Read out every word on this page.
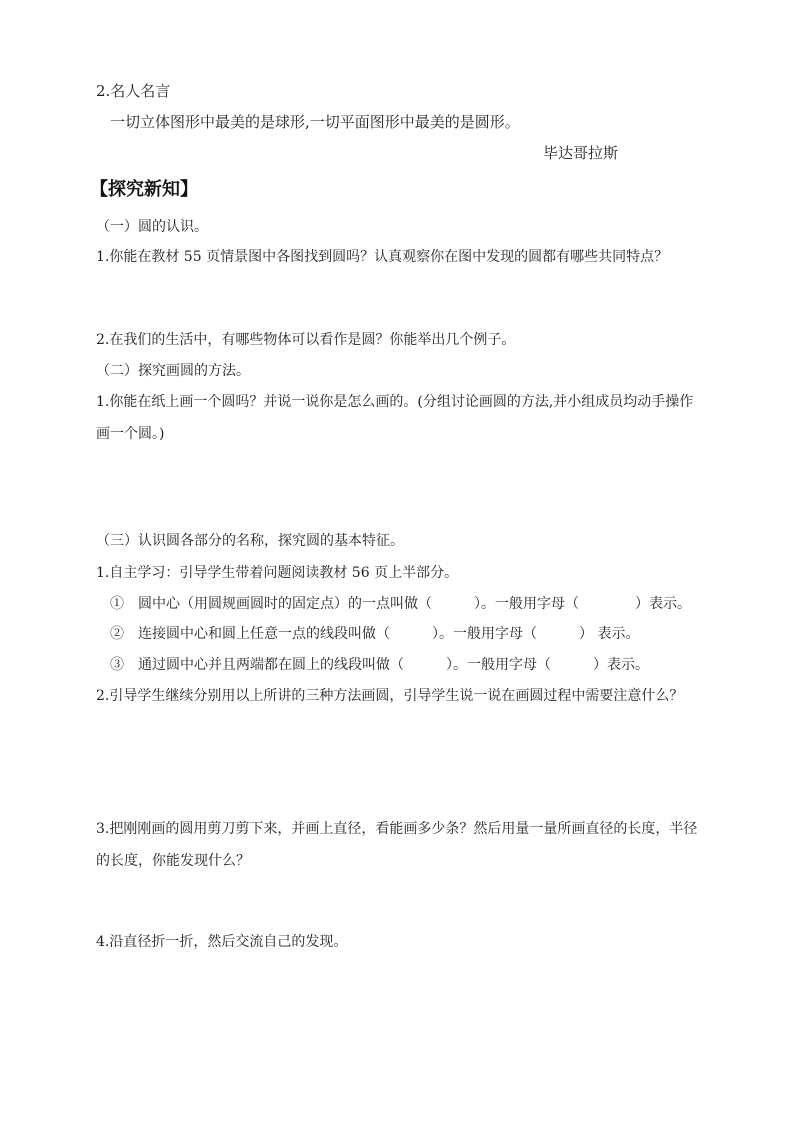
2.名人名言
一切立体图形中最美的是球形,一切平面图形中最美的是圆形。
毕达哥拉斯
【探究新知】
（一）圆的认识。
1.你能在教材 55 页情景图中各图找到圆吗？认真观察你在图中发现的圆都有哪些共同特点？
2.在我们的生活中，有哪些物体可以看作是圆？你能举出几个例子。
（二）探究画圆的方法。
1.你能在纸上画一个圆吗？并说一说你是怎么画的。(分组讨论画圆的方法,并小组成员均动手操作
画一个圆。)
（三）认识圆各部分的名称，探究圆的基本特征。
1.自主学习：引导学生带着问题阅读教材 56 页上半部分。
①　圆中心（用圆规画圆时的固定点）的一点叫做（　　　）。一般用字母（　　　　）表示。
②　连接圆中心和圆上任意一点的线段叫做（　　　）。一般用字母（　　　） 表示。
③　通过圆中心并且两端都在圆上的线段叫做（　　　）。一般用字母（　　　）表示。
2.引导学生继续分别用以上所讲的三种方法画圆，引导学生说一说在画圆过程中需要注意什么？
3.把刚刚画的圆用剪刀剪下来，并画上直径，看能画多少条？然后用量一量所画直径的长度，半径
的长度，你能发现什么？
4.沿直径折一折，然后交流自己的发现。
